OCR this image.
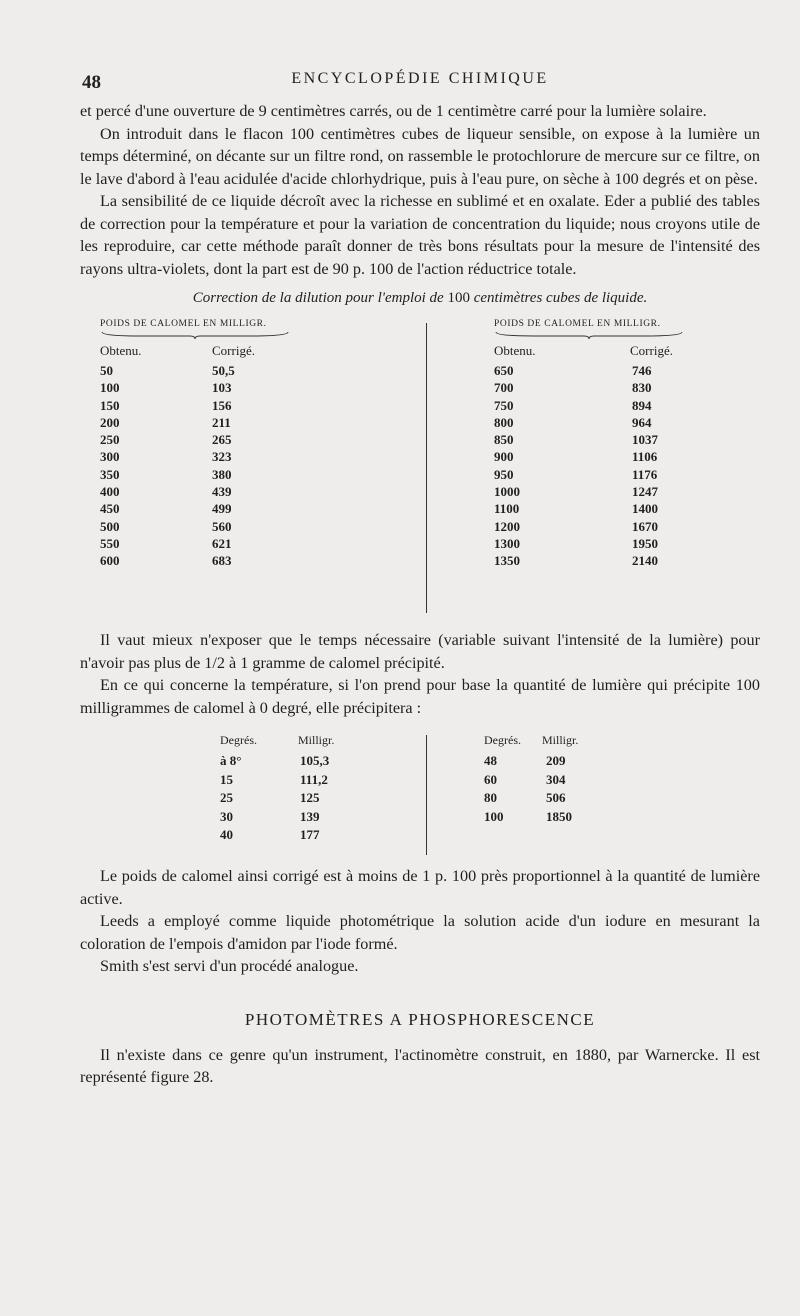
48	ENCYCLOPÉDIE CHIMIQUE

et percé d'une ouverture de 9 centimètres carrés, ou de 1 centimètre carré pour la lumière solaire.

On introduit dans le flacon 100 centimètres cubes de liqueur sensible, on expose à la lumière un temps déterminé, on décante sur un filtre rond, on rassemble le protochlorure de mercure sur ce filtre, on le lave d'abord à l'eau acidulée d'acide chlorhydrique, puis à l'eau pure, on sèche à 100 degrés et on pèse.

La sensibilité de ce liquide décroît avec la richesse en sublimé et en oxalate. Eder a publié des tables de correction pour la température et pour la variation de concentration du liquide; nous croyons utile de les reproduire, car cette méthode paraît donner de très bons résultats pour la mesure de l'intensité des rayons ultra-violets, dont la part est de 90 p. 100 de l'action réductrice totale.

Correction de la dilution pour l'emploi de 100 centimètres cubes de liquide.
POIDS DE CALOMEL EN MILLIGR.
Obtenu.	Corrigé.
50	50,5
100	103
150	156
200	211
250	265
300	323
350	380
400	439
450	499
500	560
550	621
600	683
POIDS DE CALOMEL EN MILLIGR.
Obtenu.	Corrigé.
650	746
700	830
750	894
800	964
850	1037
900	1106
950	1176
1000	1247
1100	1400
1200	1670
1300	1950
1350	2140

Il vaut mieux n'exposer que le temps nécessaire (variable suivant l'intensité de la lumière) pour n'avoir pas plus de 1/2 à 1 gramme de calomel précipité.

En ce qui concerne la température, si l'on prend pour base la quantité de lumière qui précipite 100 milligrammes de calomel à 0 degré, elle précipitera :

Degrés.	Milligr.
à 8°	105,3
15	111,2
25	125
30	139
40	177
Degrés. Milligr.
48	209
60	304
80	506
100	1850

Le poids de calomel ainsi corrigé est à moins de 1 p. 100 près proportionnel à la quantité de lumière active.

Leeds a employé comme liquide photométrique la solution acide d'un iodure en mesurant la coloration de l'empois d'amidon par l'iode formé.

Smith s'est servi d'un procédé analogue.

PHOTOMÈTRES A PHOSPHORESCENCE

Il n'existe dans ce genre qu'un instrument, l'actinomètre construit, en 1880, par Warnercke. Il est représenté figure 28.
